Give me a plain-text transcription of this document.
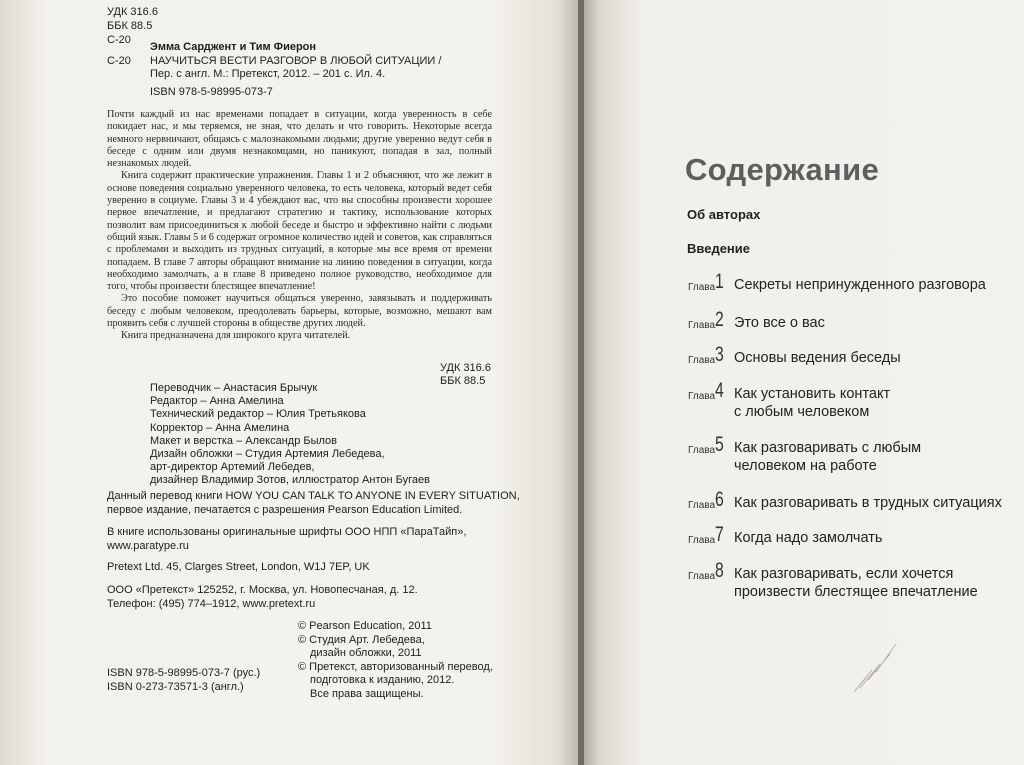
УДК 316.6
ББК 88.5
С-20
Эмма Сарджент и Тим Фиерон
С-20 НАУЧИТЬСЯ ВЕСТИ РАЗГОВОР В ЛЮБОЙ СИТУАЦИИ /
Пер. с англ. М.: Претекст, 2012. – 201 с. Ил. 4.
ISBN 978-5-98995-073-7

Почти каждый из нас временами попадает в ситуации, когда уверенность в себе покидает нас, и мы теряемся, не зная, что делать и что говорить. Некоторые всегда немного нервничают, общаясь с малознакомыми людьми; другие уверенно ведут себя в беседе с одним или двумя незнакомцами, но паникуют, попадая в зал, полный незнакомых людей.

Книга содержит практические упражнения. Главы 1 и 2 объясняют, что же лежит в основе поведения социально уверенного человека, то есть человека, который ведет себя уверенно в социуме. Главы 3 и 4 убеждают вас, что вы способны произвести хорошее первое впечатление, и предлагают стратегию и тактику, использование которых позволит вам присоединиться к любой беседе и быстро и эффективно найти с людьми общий язык. Главы 5 и 6 содержат огромное количество идей и советов, как справляться с проблемами и выходить из трудных ситуаций, в которые мы все время от времени попадаем. В главе 7 авторы обращают внимание на линию поведения в ситуации, когда необходимо замолчать, а в главе 8 приведено полное руководство, необходимое для того, чтобы произвести блестящее впечатление!

Это пособие поможет научиться общаться уверенно, завязывать и поддерживать беседу с любым человеком, преодолевать барьеры, которые, возможно, мешают вам проявить себя с лучшей стороны в обществе других людей.

Книга предназначена для широкого круга читателей.

УДК 316.6
ББК 88.5
Переводчик – Анастасия Брычук
Редактор – Анна Амелина
Технический редактор – Юлия Третьякова
Корректор – Анна Амелина
Макет и верстка – Александр Былов
Дизайн обложки – Студия Артемия Лебедева,
арт-директор Артемий Лебедев,
дизайнер Владимир Зотов, иллюстратор Антон Бугаев
Данный перевод книги HOW YOU CAN TALK TO ANYONE IN EVERY SITUATION,
первое издание, печатается с разрешения Pearson Education Limited.
В книге использованы оригинальные шрифты ООО НПП «ПараТайп»,
www.paratype.ru
Pretext Ltd. 45, Clarges Street, London, W1J 7EP, UK
ООО «Претекст» 125252, г. Москва, ул. Новопесчаная, д. 12.
Телефон: (495) 774–1912, www.pretext.ru
© Pearson Education, 2011
© Студия Арт. Лебедева,
дизайн обложки, 2011
© Претекст, авторизованный перевод,
подготовка к изданию, 2012.
Все права защищены.
ISBN 978-5-98995-073-7 (рус.)
ISBN 0-273-73571-3 (англ.)
Содержание
Об авторах
Введение
Глава 1 Секреты непринужденного разговора
Глава 2 Это все о вас
Глава 3 Основы ведения беседы
Глава 4 Как установить контакт
с любым человеком
Глава 5 Как разговаривать с любым
человеком на работе
Глава 6 Как разговаривать в трудных ситуациях
Глава 7 Когда надо замолчать
Глава 8 Как разговаривать, если хочется
произвести блестящее впечатление
